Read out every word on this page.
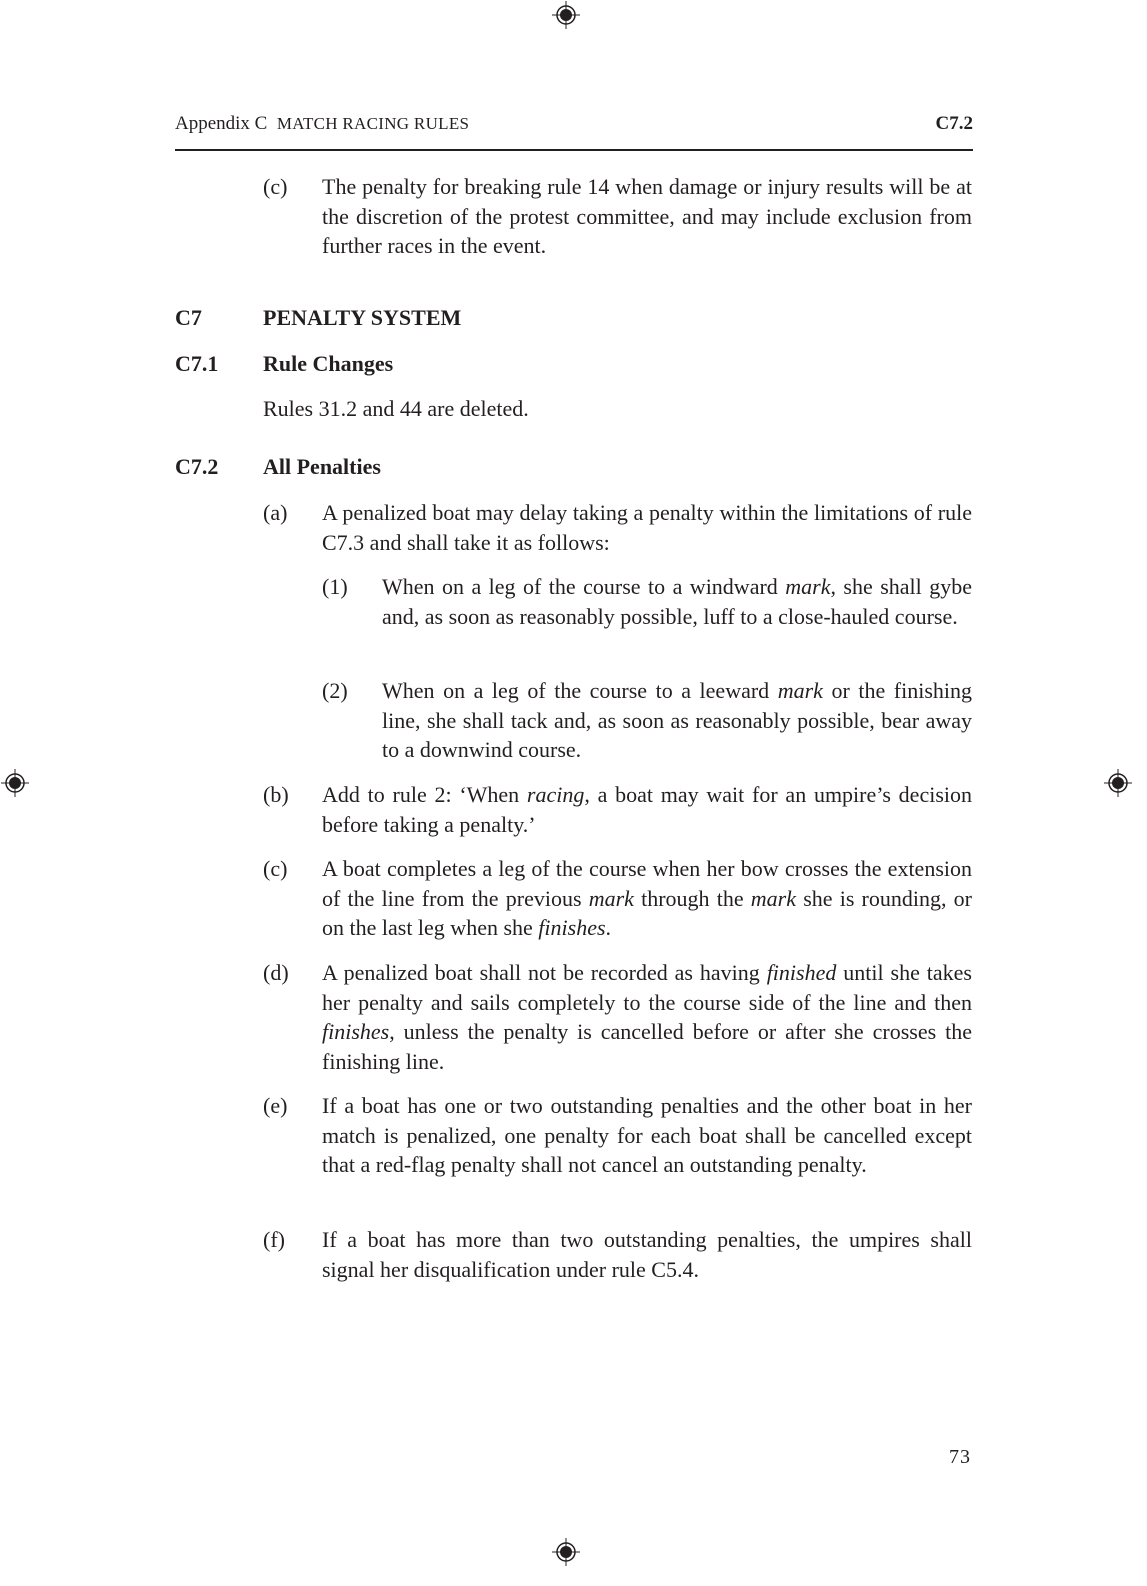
Appendix C MATCH RACING RULES	C7.2
C7	PENALTY SYSTEM
C7.1 Rule Changes
Rules 31.2 and 44 are deleted.
C7.2 All Penalties
(c) The penalty for breaking rule 14 when damage or injury results will be at the discretion of the protest committee, and may include exclusion from further races in the event.
(a) A penalized boat may delay taking a penalty within the limitations of rule C7.3 and shall take it as follows:
(1) When on a leg of the course to a windward mark, she shall gybe and, as soon as reasonably possible, luff to a close-hauled course.
(2) When on a leg of the course to a leeward mark or the finishing line, she shall tack and, as soon as reasonably possible, bear away to a downwind course.
(b) Add to rule 2: ‘When racing, a boat may wait for an umpire’s decision before taking a penalty.’
(c) A boat completes a leg of the course when her bow crosses the extension of the line from the previous mark through the mark she is rounding, or on the last leg when she finishes.
(d) A penalized boat shall not be recorded as having finished until she takes her penalty and sails completely to the course side of the line and then finishes, unless the penalty is cancelled before or after she crosses the finishing line.
(e) If a boat has one or two outstanding penalties and the other boat in her match is penalized, one penalty for each boat shall be cancelled except that a red-flag penalty shall not cancel an outstanding penalty.
(f) If a boat has more than two outstanding penalties, the umpires shall signal her disqualification under rule C5.4.
73
